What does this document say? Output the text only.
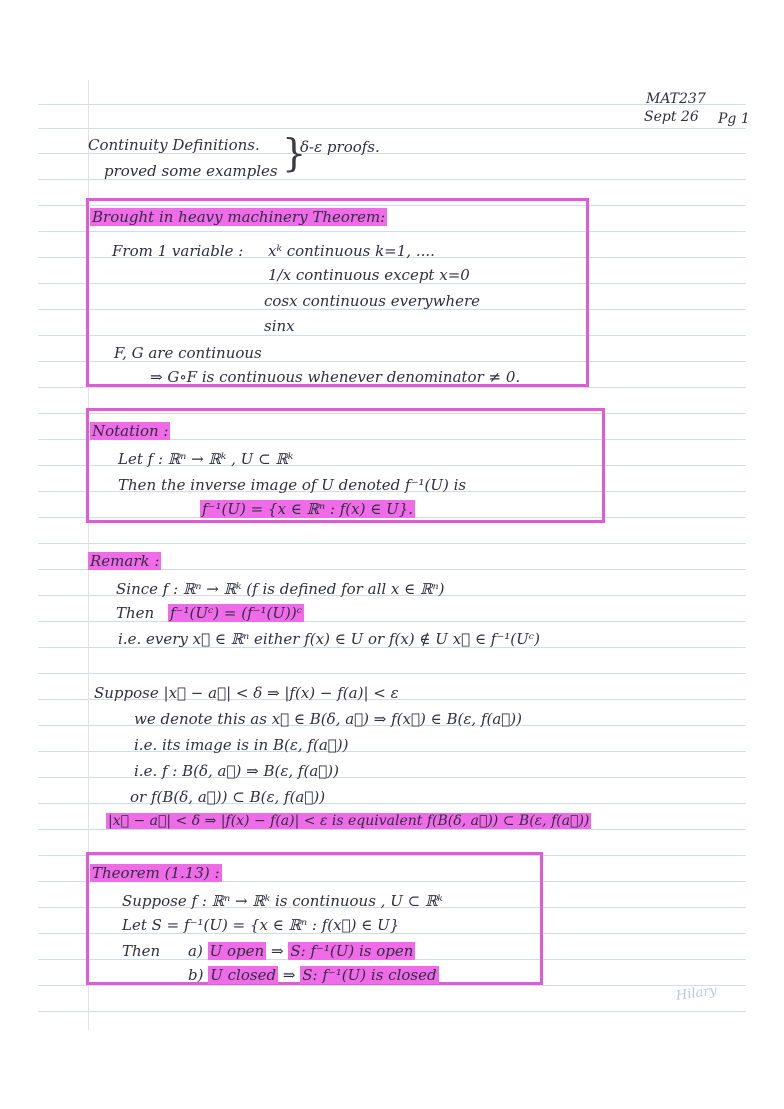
MAT237
Sept 26 Pg 1
Continuity Definitions.
proved some examples }
δ-ε proofs.
Brought in heavy machinery Theorem:
From 1 variable : xᵏ continuous k=1, ....
1/x continuous except x=0
cosx continuous everywhere
sinx
F, G are continuous
⇒ G∘F is continuous whenever denominator ≠ 0.
Notation :
Let f : ℝⁿ → ℝᵏ , U ⊂ ℝᵏ
Then the inverse image of U denoted f⁻¹(U) is
f⁻¹(U) = {x ∈ ℝⁿ : f(x) ∈ U}.
Remark :
Since f : ℝⁿ → ℝᵏ (f is defined for all x ∈ ℝⁿ)
Then f⁻¹(Uᶜ) = (f⁻¹(U))ᶜ
i.e. every x⃗ ∈ ℝⁿ either f(x) ∈ U or f(x) ∉ U x⃗ ∈ f⁻¹(Uᶜ)
Suppose |x⃗ − a⃗| < δ ⇒ |f(x) − f(a)| < ε
we denote this as x⃗ ∈ B(δ, a⃗) ⇒ f(x⃗) ∈ B(ε, f(a⃗))
i.e. its image is in B(ε, f(a⃗))
i.e. f : B(δ, a⃗) ⇒ B(ε, f(a⃗))
or f(B(δ, a⃗)) ⊂ B(ε, f(a⃗))
|x⃗ − a⃗| < δ ⇒ |f(x) − f(a)| < ε is equivalent f(B(δ, a⃗)) ⊂ B(ε, f(a⃗))
Theorem (1.13) :
Suppose f : ℝⁿ → ℝᵏ is continuous , U ⊂ ℝᵏ
Let S = f⁻¹(U) = {x ∈ ℝⁿ : f(x⃗) ∈ U}
Then a) U open ⇒ S: f⁻¹(U) is open
b) U closed ⇒ S: f⁻¹(U) is closed
Hilary
